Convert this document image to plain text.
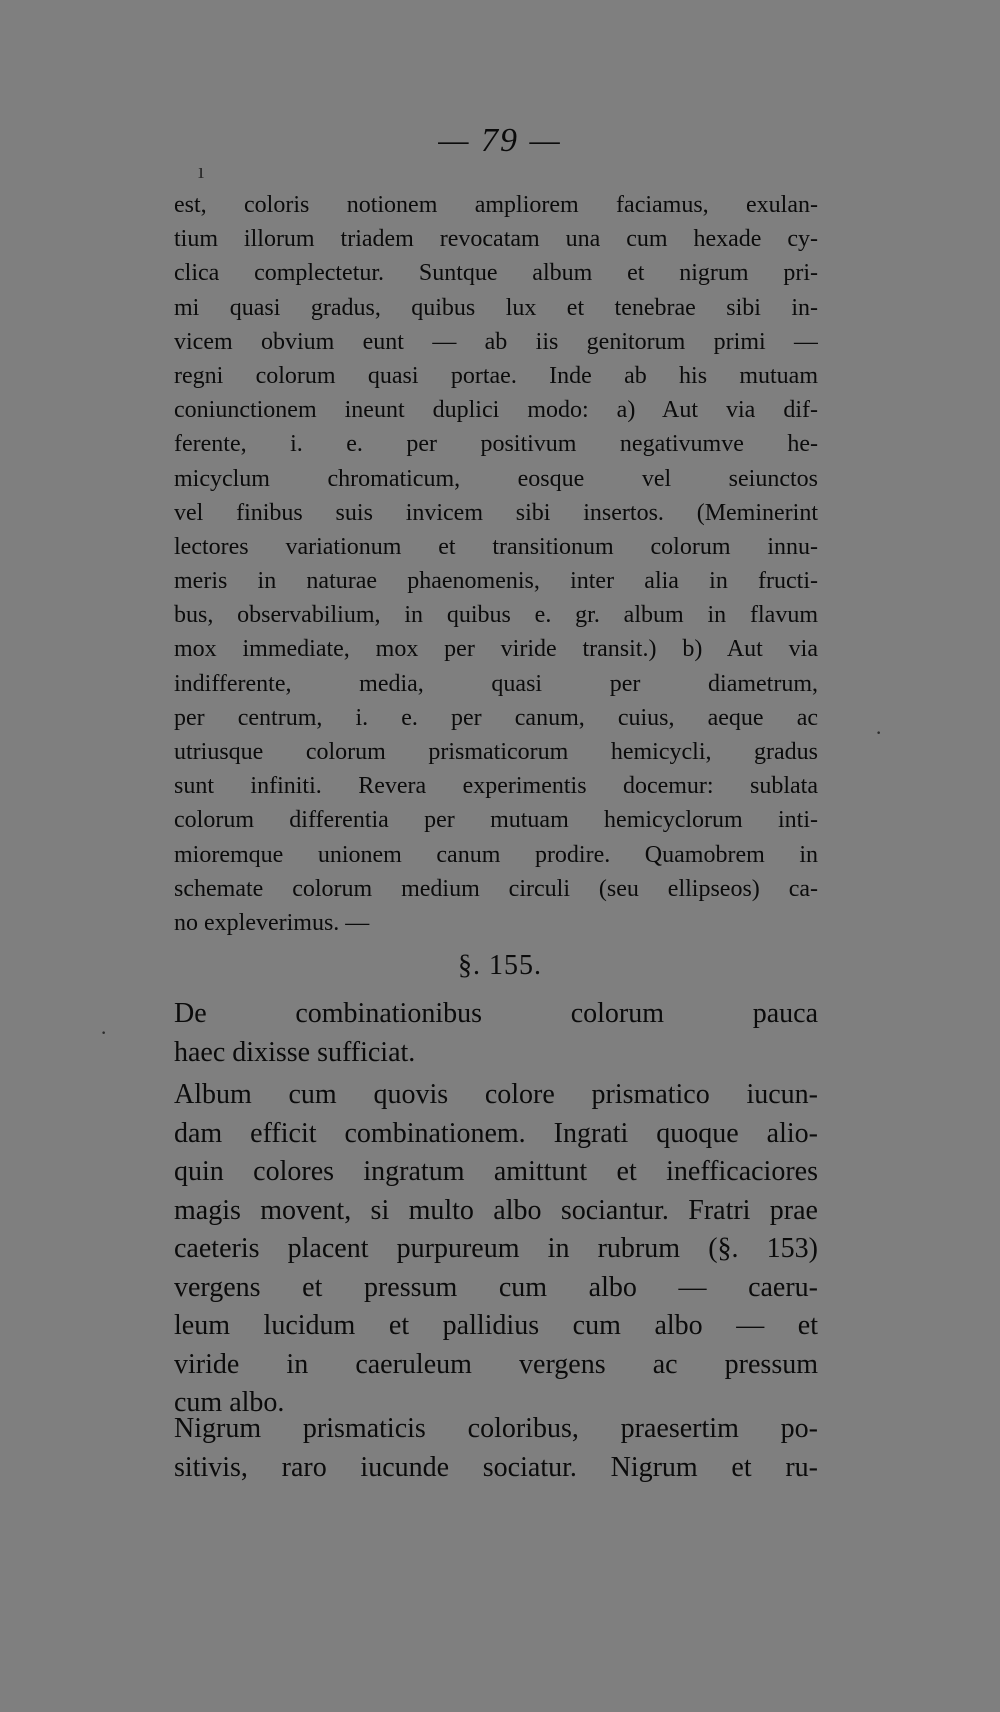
— 79 —
est, coloris notionem ampliorem faciamus, exulan-
tium illorum triadem revocatam una cum hexade cy-
clica complectetur. Suntque album et nigrum pri-
mi quasi gradus, quibus lux et tenebrae sibi in-
vicem obvium eunt — ab iis genitorum primi —
regni colorum quasi portae. Inde ab his mutuam
coniunctionem ineunt duplici modo: a) Aut via dif-
ferente, i. e. per positivum negativumve he-
micyclum chromaticum, eosque vel seiunctos
vel finibus suis invicem sibi insertos. (Meminerint
lectores variationum et transitionum colorum innu-
meris in naturae phaenomenis, inter alia in fructi-
bus, observabilium, in quibus e. gr. album in flavum
mox immediate, mox per viride transit.) b) Aut via
indifferente, media, quasi per diametrum,
per centrum, i. e. per canum, cuius, aeque ac
utriusque colorum prismaticorum hemicycli, gradus
sunt infiniti. Revera experimentis docemur: sublata
colorum differentia per mutuam hemicyclorum inti-
mioremque unionem canum prodire. Quamobrem in
schemate colorum medium circuli (seu ellipseos) ca-
no expleverimus. —
§. 155.
De combinationibus colorum pauca
haec dixisse sufficiat.
Album cum quovis colore prismatico iucun-
dam efficit combinationem. Ingrati quoque alio-
quin colores ingratum amittunt et inefficaciores
magis movent, si multo albo sociantur. Fratri prae
caeteris placent purpureum in rubrum (§. 153)
vergens et pressum cum albo — caeru-
leum lucidum et pallidius cum albo — et
viride in caeruleum vergens ac pressum
cum albo.
Nigrum prismaticis coloribus, praesertim po-
sitivis, raro iucunde sociatur. Nigrum et ru-
ı
·
·
